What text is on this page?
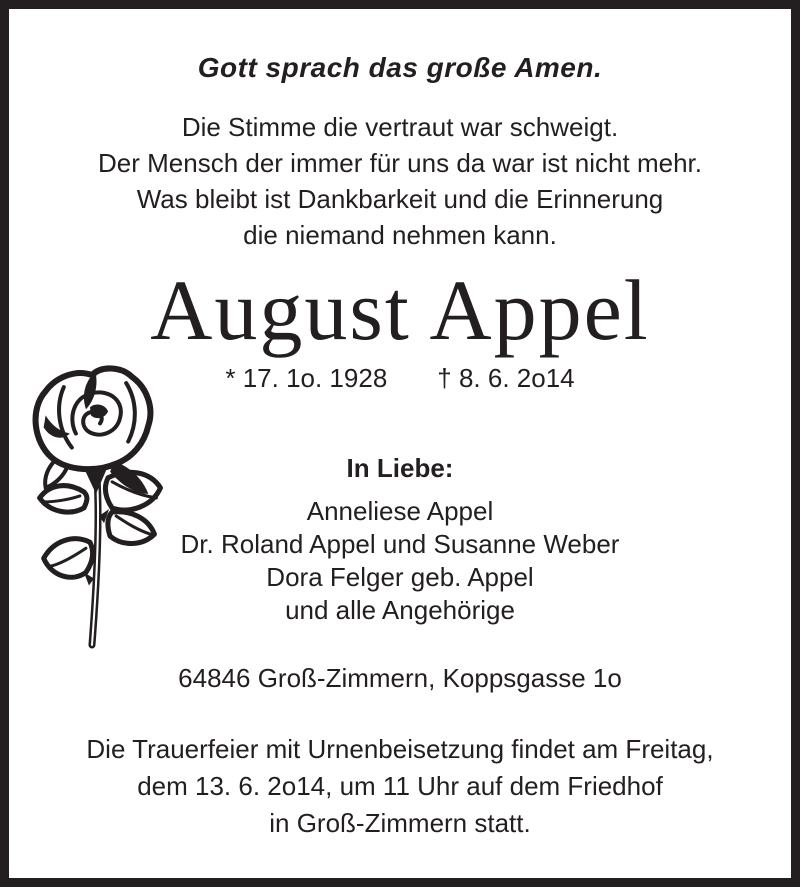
Gott sprach das große Amen.
Die Stimme die vertraut war schweigt.
Der Mensch der immer für uns da war ist nicht mehr.
Was bleibt ist Dankbarkeit und die Erinnerung
die niemand nehmen kann.
August Appel
* 17. 1o. 1928 † 8. 6. 2o14
In Liebe:
Anneliese Appel
Dr. Roland Appel und Susanne Weber
Dora Felger geb. Appel
und alle Angehörige
64846 Groß-Zimmern, Koppsgasse 1o
Die Trauerfeier mit Urnenbeisetzung findet am Freitag,
dem 13. 6. 2o14, um 11 Uhr auf dem Friedhof
in Groß-Zimmern statt.
